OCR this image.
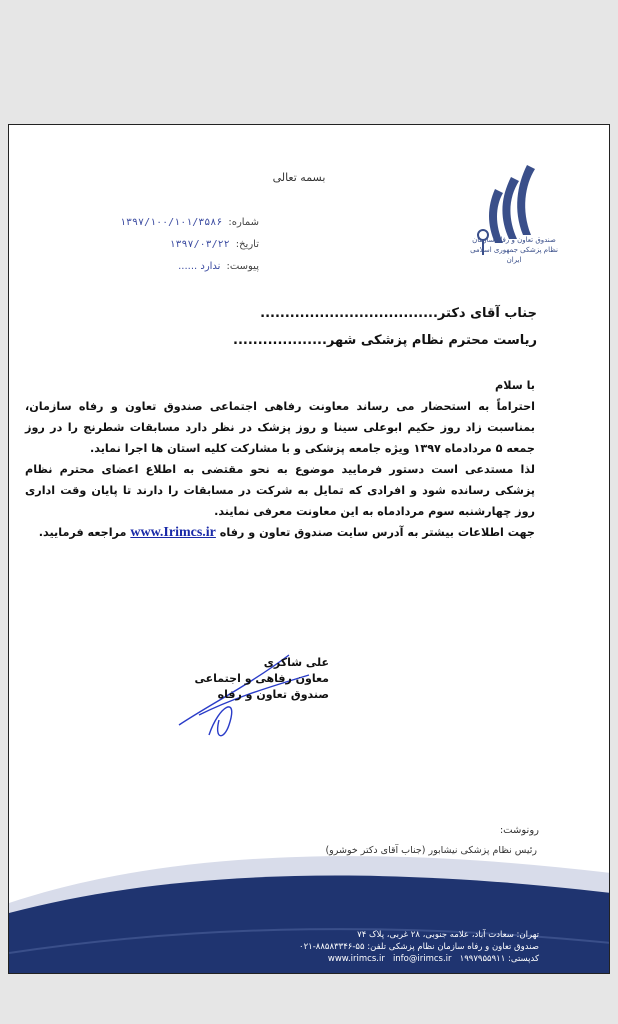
صندوق تعاون و رفاه سازمان نظام پزشکی جمهوری اسلامی ایران
بسمه تعالی
شماره:
۱۳۹۷/۱۰۰/۱۰۱/۳۵۸۶
تاریخ:
۱۳۹۷/۰۳/۲۲
پیوست:
ندارد ......
جناب آقای دکتر....................................
ریاست محترم نظام پزشکی شهر...................

با سلام

احتراماً به استحضار می رساند معاونت رفاهی اجتماعی صندوق تعاون و رفاه سازمان، بمناسبت زاد روز حکیم ابوعلی سینا و روز پزشک در نظر دارد مسابقات شطرنج را در روز جمعه ۵ مردادماه ۱۳۹۷ ویژه جامعه پزشکی و با مشارکت کلیه استان ها اجرا نماید.

لذا مستدعی است دستور فرمایید موضوع به نحو مقتضی به اطلاع اعضای محترم نظام پزشکی رسانده شود و افرادی که تمایل به شرکت در مسابقات را دارند تا پایان وقت اداری روز چهارشنبه سوم مردادماه به این معاونت معرفی نمایند.

جهت اطلاعات بیشتر به آدرس سایت صندوق تعاون و رفاه www.Irimcs.ir مراجعه فرمایید.

علی شاکری
معاون رفاهی و اجتماعی
صندوق تعاون و رفاه
رونوشت:
رئیس نظام پزشکی نیشابور (جناب آقای دکتر خوشرو)
تهران: سعادت آباد، علامه جنوبی، ۲۸ غربی، پلاک ۷۴
صندوق تعاون و رفاه سازمان نظام پزشکی تلفن: ۵۵-۸۸۵۸۳۳۴۶-۰۲۱
کدپستی: ۱۹۹۷۹۵۵۹۱۱   www.irimcs.ir info@irimcs.ir
